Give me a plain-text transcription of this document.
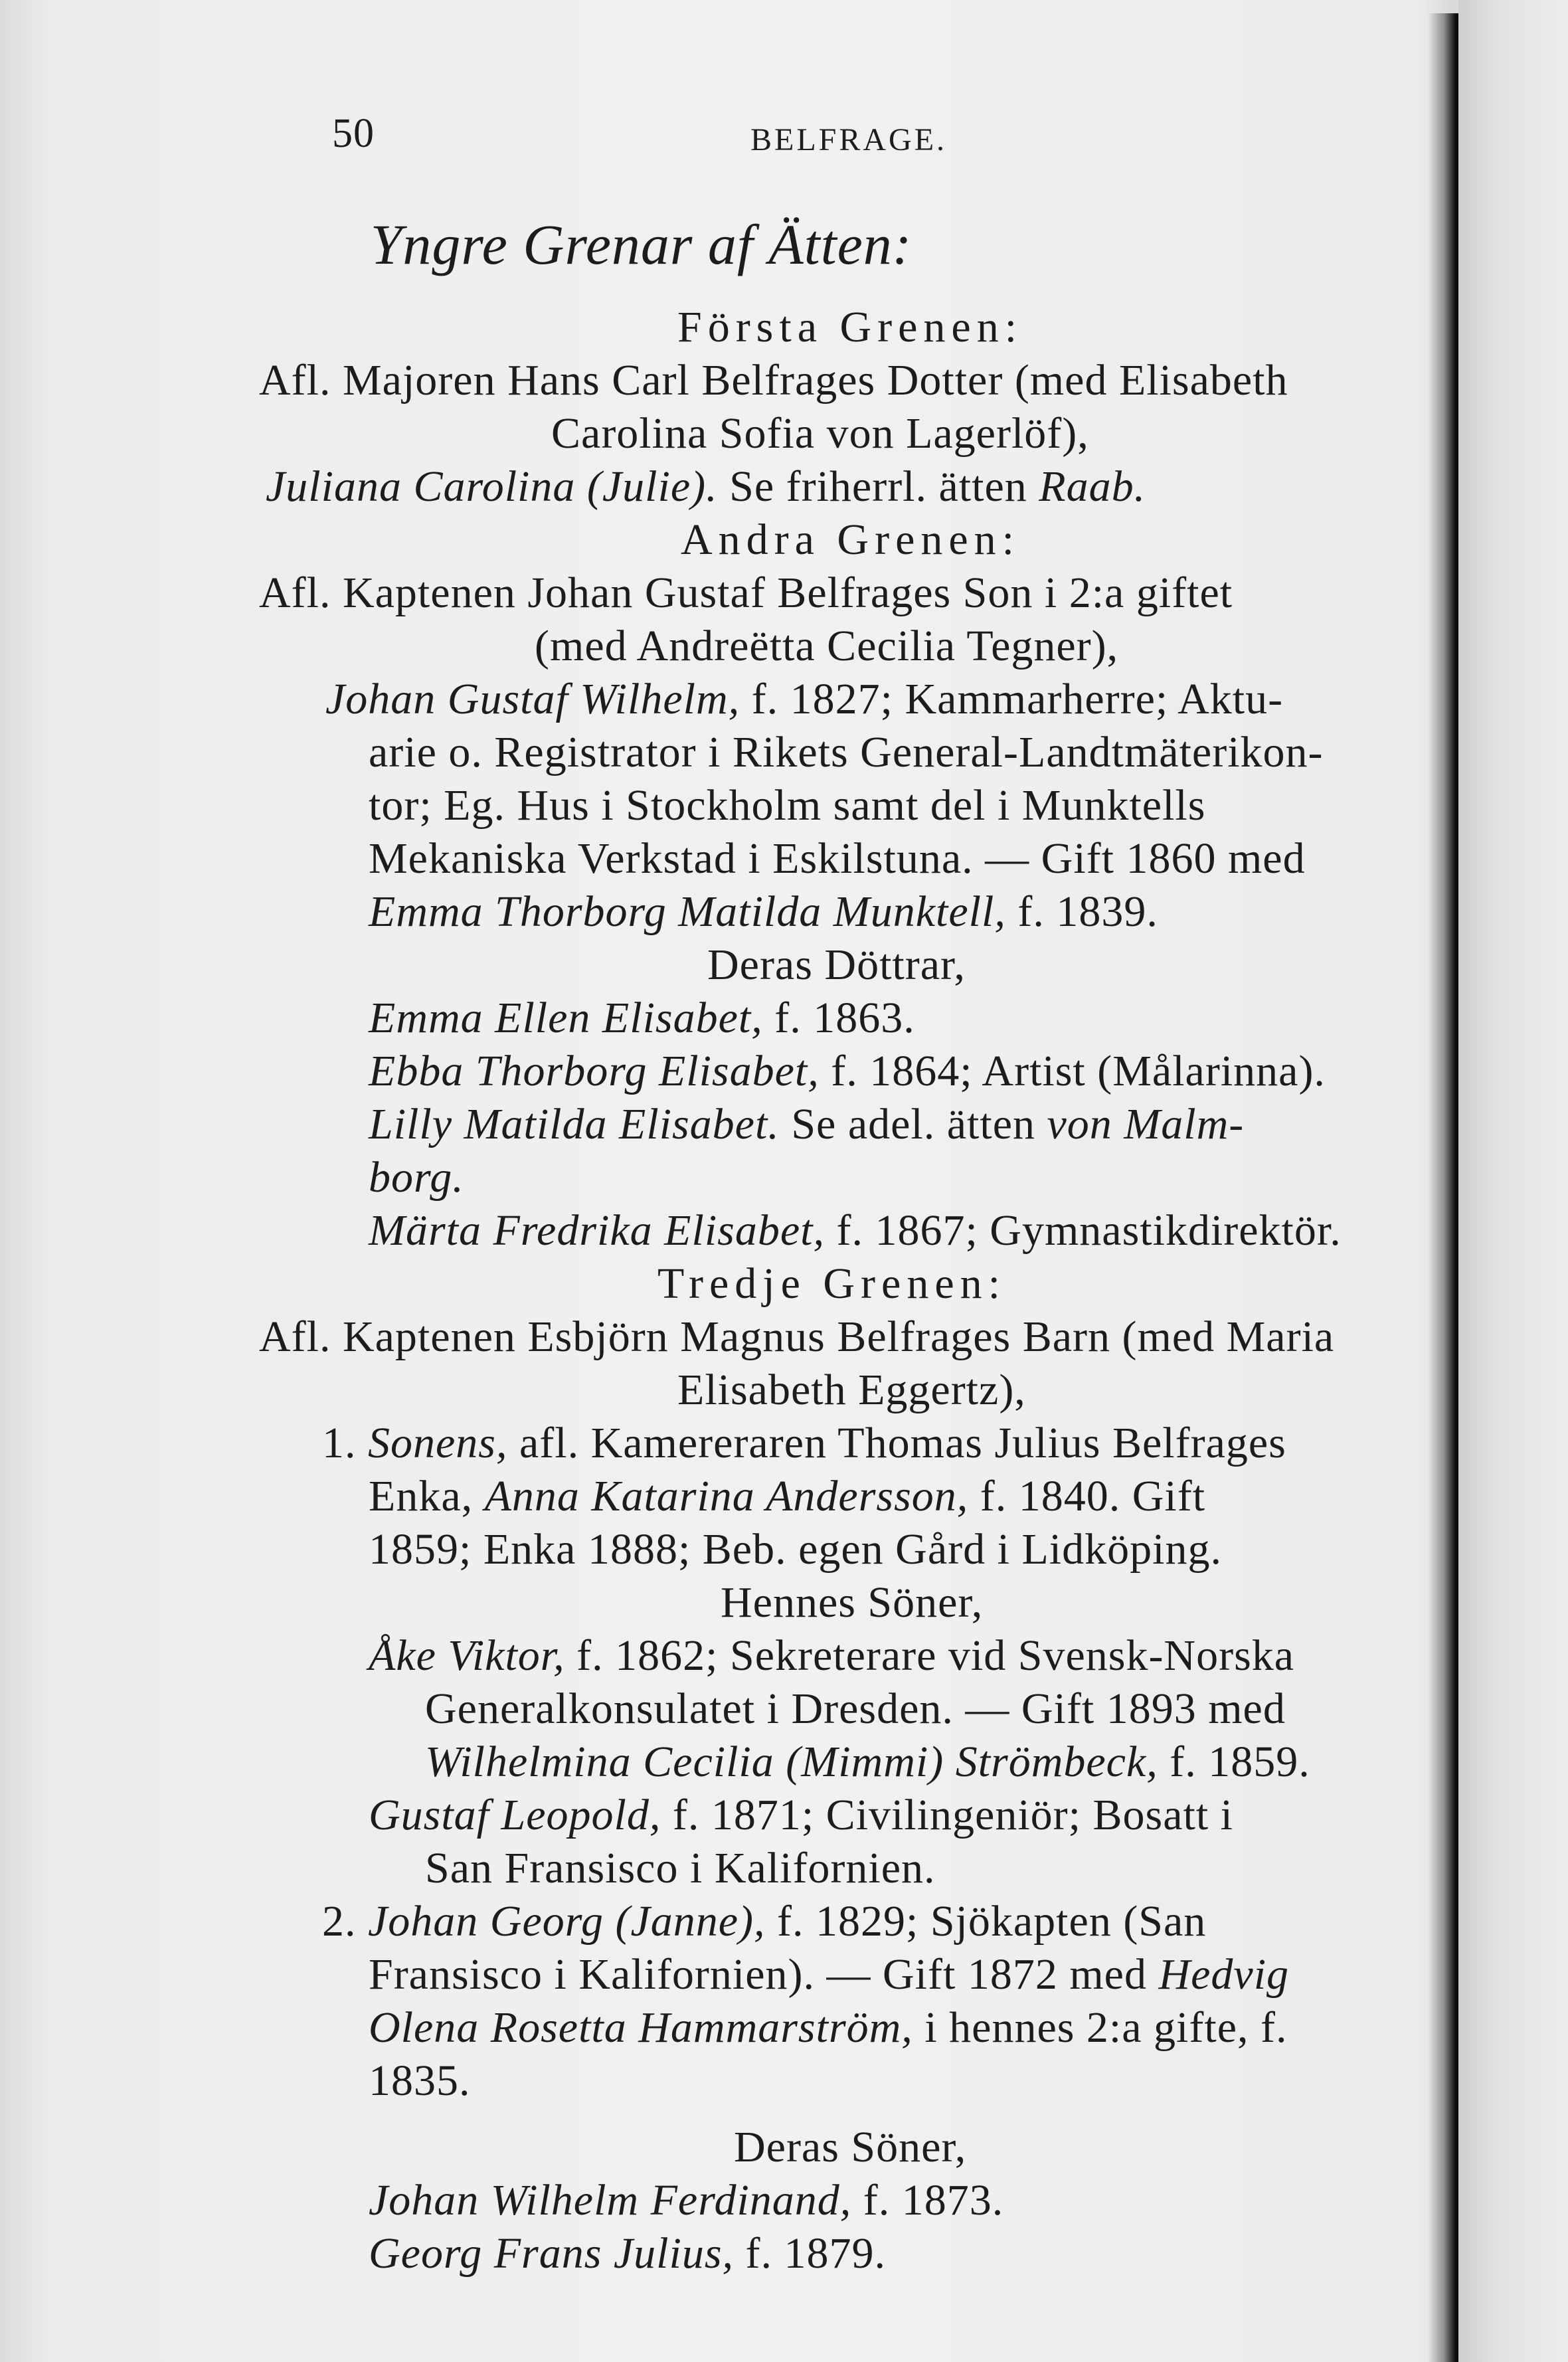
50	BELFRAGE.
Yngre Grenar af Ätten:
Första Grenen:
Afl. Majoren Hans Carl Belfrages Dotter (med Elisabeth
Carolina Sofia von Lagerlöf),
Juliana Carolina (Julie). Se friherrl. ätten Raab.
Andra Grenen:
Afl. Kaptenen Johan Gustaf Belfrages Son i 2:a giftet
(med Andreëtta Cecilia Tegner),
Johan Gustaf Wilhelm, f. 1827; Kammarherre; Aktu-
arie o. Registrator i Rikets General-Landtmäterikon-
tor; Eg. Hus i Stockholm samt del i Munktells
Mekaniska Verkstad i Eskilstuna. — Gift 1860 med
Emma Thorborg Matilda Munktell, f. 1839.
Deras Döttrar,
Emma Ellen Elisabet, f. 1863.
Ebba Thorborg Elisabet, f. 1864; Artist (Målarinna).
Lilly Matilda Elisabet. Se adel. ätten von Malm-
borg.
Märta Fredrika Elisabet, f. 1867; Gymnastikdirektör.
Tredje Grenen:
Afl. Kaptenen Esbjörn Magnus Belfrages Barn (med Maria
Elisabeth Eggertz),
1. Sonens, afl. Kamereraren Thomas Julius Belfrages
Enka, Anna Katarina Andersson, f. 1840. Gift
1859; Enka 1888; Beb. egen Gård i Lidköping.
Hennes Söner,
Åke Viktor, f. 1862; Sekreterare vid Svensk-Norska
Generalkonsulatet i Dresden. — Gift 1893 med
Wilhelmina Cecilia (Mimmi) Strömbeck, f. 1859.
Gustaf Leopold, f. 1871; Civilingeniör; Bosatt i
San Fransisco i Kalifornien.
2. Johan Georg (Janne), f. 1829; Sjökapten (San
Fransisco i Kalifornien). — Gift 1872 med Hedvig
Olena Rosetta Hammarström, i hennes 2:a gifte, f.
1835.
Deras Söner,
Johan Wilhelm Ferdinand, f. 1873.
Georg Frans Julius, f. 1879.
